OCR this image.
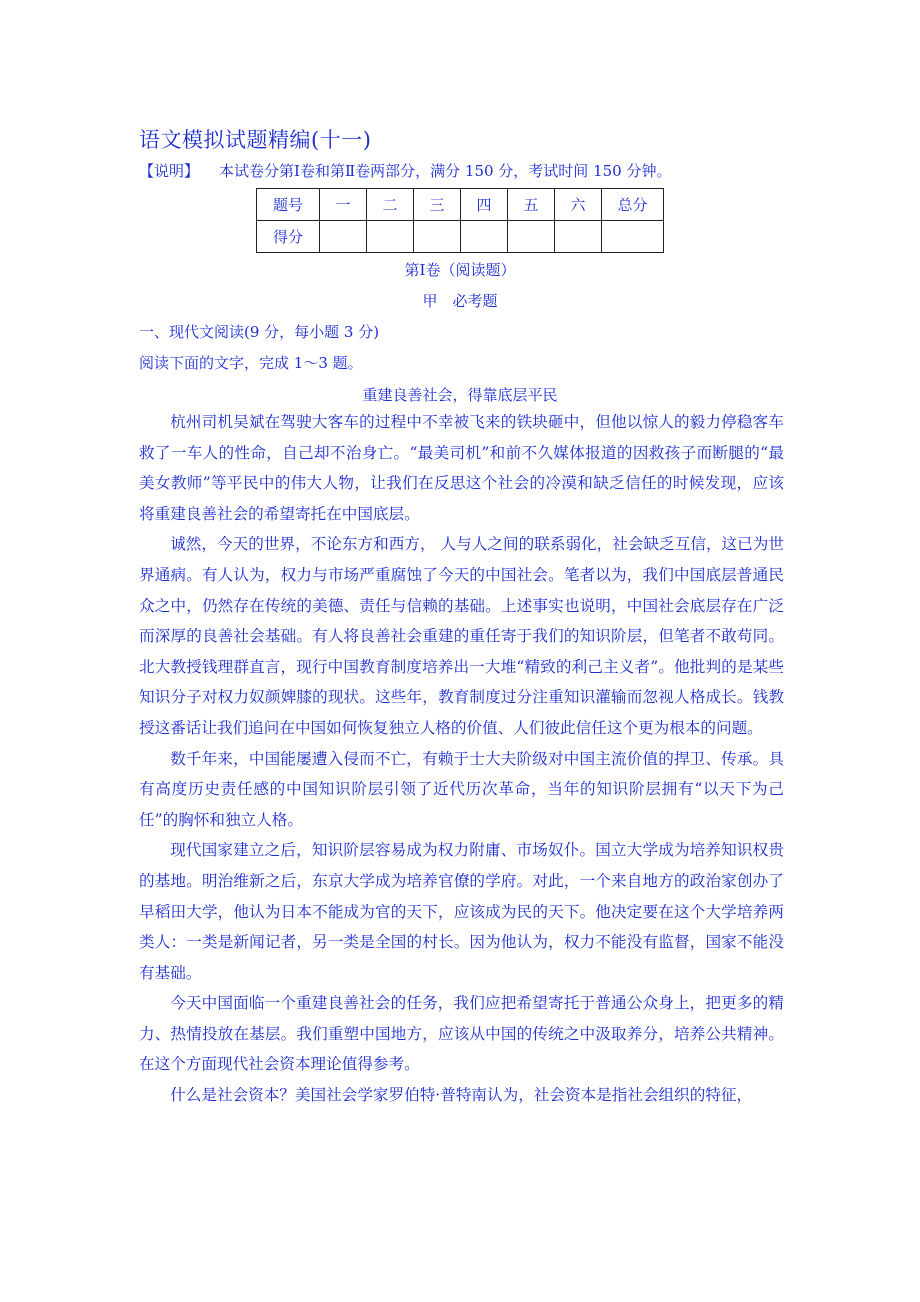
语文模拟试题精编(十一)
【说明】 本试卷分第Ⅰ卷和第Ⅱ卷两部分，满分 150 分，考试时间 150 分钟。
题号	一	二	三	四	五	六	总分
得分							
第Ⅰ卷（阅读题）
甲　必考题
一、现代文阅读(9 分，每小题 3 分)
阅读下面的文字，完成 1～3 题。
重建良善社会，得靠底层平民

杭州司机吴斌在驾驶大客车的过程中不幸被飞来的铁块砸中，但他以惊人的毅力停稳客车救了一车人的性命，自己却不治身亡。“最美司机”和前不久媒体报道的因救孩子而断腿的“最美女教师”等平民中的伟大人物，让我们在反思这个社会的冷漠和缺乏信任的时候发现，应该将重建良善社会的希望寄托在中国底层。

诚然，今天的世界，不论东方和西方， 人与人之间的联系弱化，社会缺乏互信，这已为世界通病。有人认为，权力与市场严重腐蚀了今天的中国社会。笔者以为，我们中国底层普通民众之中，仍然存在传统的美德、责任与信赖的基础。上述事实也说明，中国社会底层存在广泛而深厚的良善社会基础。有人将良善社会重建的重任寄于我们的知识阶层，但笔者不敢苟同。北大教授钱理群直言，现行中国教育制度培养出一大堆“精致的利己主义者”。他批判的是某些知识分子对权力奴颜婢膝的现状。这些年，教育制度过分注重知识灌输而忽视人格成长。钱教授这番话让我们追问在中国如何恢复独立人格的价值、人们彼此信任这个更为根本的问题。

数千年来，中国能屡遭入侵而不亡，有赖于士大夫阶级对中国主流价值的捍卫、传承。具有高度历史责任感的中国知识阶层引领了近代历次革命，当年的知识阶层拥有“以天下为己任”的胸怀和独立人格。

现代国家建立之后，知识阶层容易成为权力附庸、市场奴仆。国立大学成为培养知识权贵的基地。明治维新之后，东京大学成为培养官僚的学府。对此，一个来自地方的政治家创办了早稻田大学，他认为日本不能成为官的天下，应该成为民的天下。他决定要在这个大学培养两类人：一类是新闻记者，另一类是全国的村长。因为他认为，权力不能没有监督，国家不能没有基础。

今天中国面临一个重建良善社会的任务，我们应把希望寄托于普通公众身上，把更多的精力、热情投放在基层。我们重塑中国地方，应该从中国的传统之中汲取养分，培养公共精神。在这个方面现代社会资本理论值得参考。

什么是社会资本？美国社会学家罗伯特·普特南认为，社会资本是指社会组织的特征，
